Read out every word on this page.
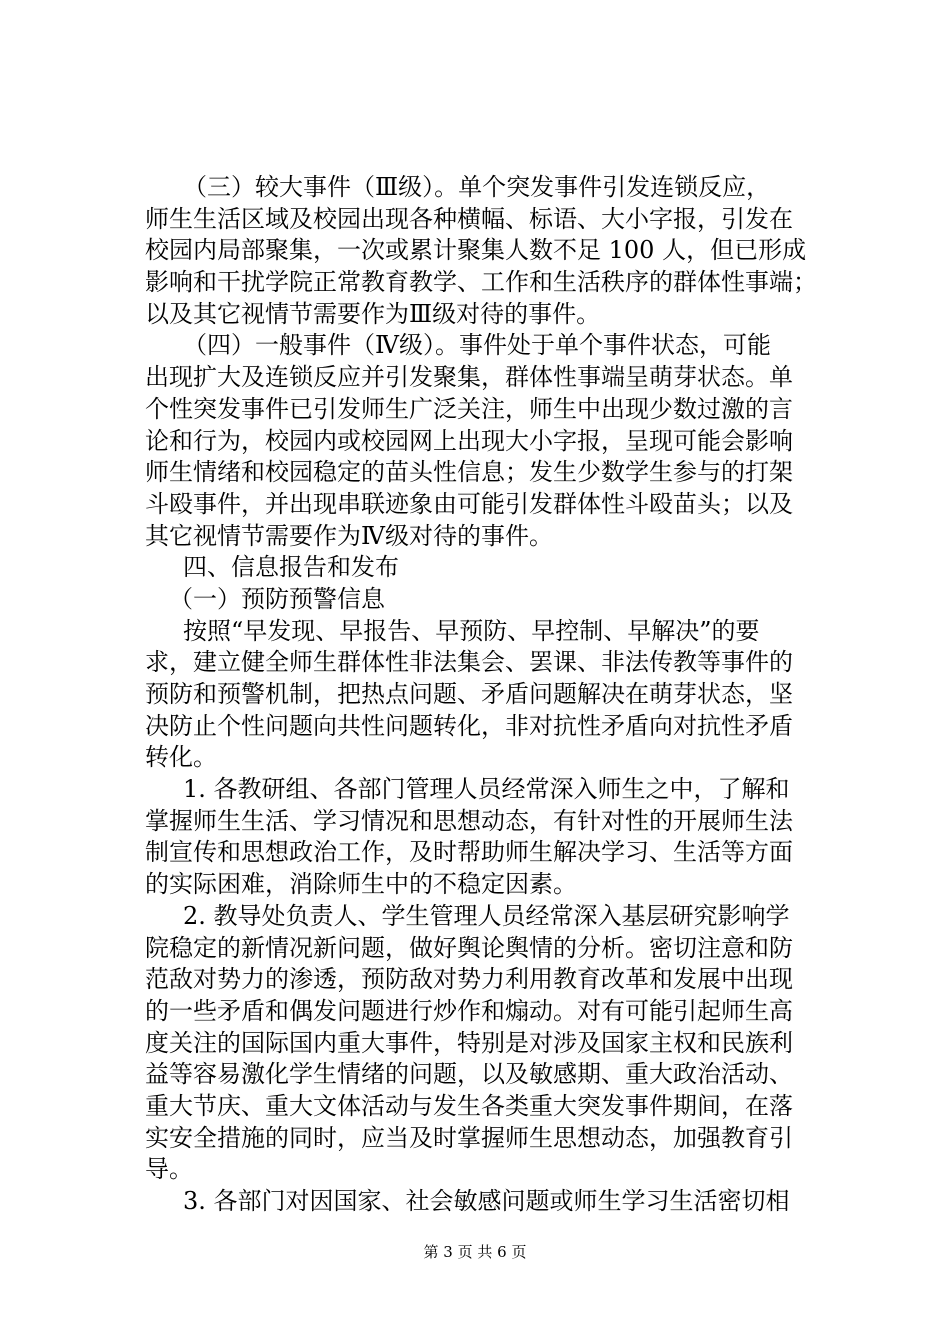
（三）较大事件（Ⅲ级）。单个突发事件引发连锁反应，
师生生活区域及校园出现各种横幅、标语、大小字报，引发在
校园内局部聚集，一次或累计聚集人数不足 100 人，但已形成
影响和干扰学院正常教育教学、工作和生活秩序的群体性事端；
以及其它视情节需要作为Ⅲ级对待的事件。
（四）一般事件（Ⅳ级）。事件处于单个事件状态，可能
出现扩大及连锁反应并引发聚集，群体性事端呈萌芽状态。单
个性突发事件已引发师生广泛关注，师生中出现少数过激的言
论和行为，校园内或校园网上出现大小字报，呈现可能会影响
师生情绪和校园稳定的苗头性信息；发生少数学生参与的打架
斗殴事件，并出现串联迹象由可能引发群体性斗殴苗头；以及
其它视情节需要作为Ⅳ级对待的事件。
四、信息报告和发布
（一）预防预警信息
按照“早发现、早报告、早预防、早控制、早解决”的要
求，建立健全师生群体性非法集会、罢课、非法传教等事件的
预防和预警机制，把热点问题、矛盾问题解决在萌芽状态，坚
决防止个性问题向共性问题转化，非对抗性矛盾向对抗性矛盾
转化。
1. 各教研组、各部门管理人员经常深入师生之中，了解和
掌握师生生活、学习情况和思想动态，有针对性的开展师生法
制宣传和思想政治工作，及时帮助师生解决学习、生活等方面
的实际困难，消除师生中的不稳定因素。
2. 教导处负责人、学生管理人员经常深入基层研究影响学
院稳定的新情况新问题，做好舆论舆情的分析。密切注意和防
范敌对势力的渗透，预防敌对势力利用教育改革和发展中出现
的一些矛盾和偶发问题进行炒作和煽动。对有可能引起师生高
度关注的国际国内重大事件，特别是对涉及国家主权和民族利
益等容易激化学生情绪的问题，以及敏感期、重大政治活动、
重大节庆、重大文体活动与发生各类重大突发事件期间，在落
实安全措施的同时，应当及时掌握师生思想动态，加强教育引
导。
3. 各部门对因国家、社会敏感问题或师生学习生活密切相
第 3 页 共 6 页
